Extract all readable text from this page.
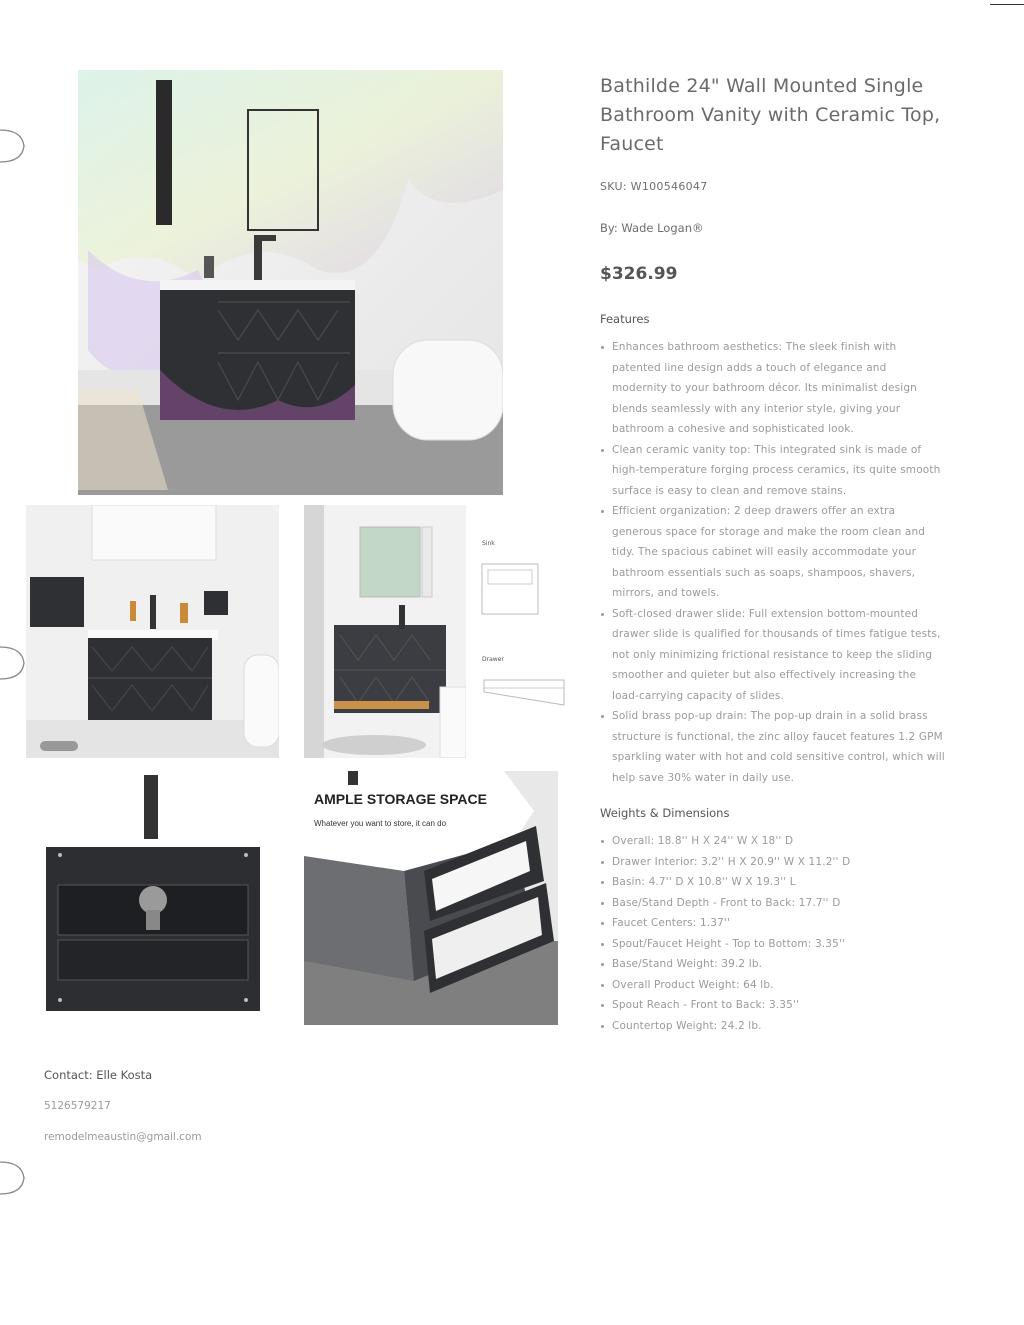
Sink
Drawer
AMPLE STORAGE SPACE
Whatever you want to store, it can do
Bathilde 24" Wall Mounted Single Bathroom Vanity with Ceramic Top, Faucet
SKU: W100546047
By: Wade Logan®
$326.99
Features
Enhances bathroom aesthetics: The sleek finish with patented line design adds a touch of elegance and modernity to your bathroom décor. Its minimalist design blends seamlessly with any interior style, giving your bathroom a cohesive and sophisticated look.
Clean ceramic vanity top: This integrated sink is made of high-temperature forging process ceramics, its quite smooth surface is easy to clean and remove stains.
Efficient organization: 2 deep drawers offer an extra generous space for storage and make the room clean and tidy. The spacious cabinet will easily accommodate your bathroom essentials such as soaps, shampoos, shavers, mirrors, and towels.
Soft-closed drawer slide: Full extension bottom-mounted drawer slide is qualified for thousands of times fatigue tests, not only minimizing frictional resistance to keep the sliding smoother and quieter but also effectively increasing the load-carrying capacity of slides.
Solid brass pop-up drain: The pop-up drain in a solid brass structure is functional, the zinc alloy faucet features 1.2 GPM sparkling water with hot and cold sensitive control, which will help save 30% water in daily use.
Weights & Dimensions
Overall: 18.8'' H X 24'' W X 18'' D
Drawer Interior: 3.2'' H X 20.9'' W X 11.2'' D
Basin: 4.7'' D X 10.8'' W X 19.3'' L
Base/Stand Depth - Front to Back: 17.7'' D
Faucet Centers: 1.37''
Spout/Faucet Height - Top to Bottom: 3.35''
Base/Stand Weight: 39.2 lb.
Overall Product Weight: 64 lb.
Spout Reach - Front to Back: 3.35''
Countertop Weight: 24.2 lb.
Contact: Elle Kosta
5126579217
remodelmeaustin@gmail.com
